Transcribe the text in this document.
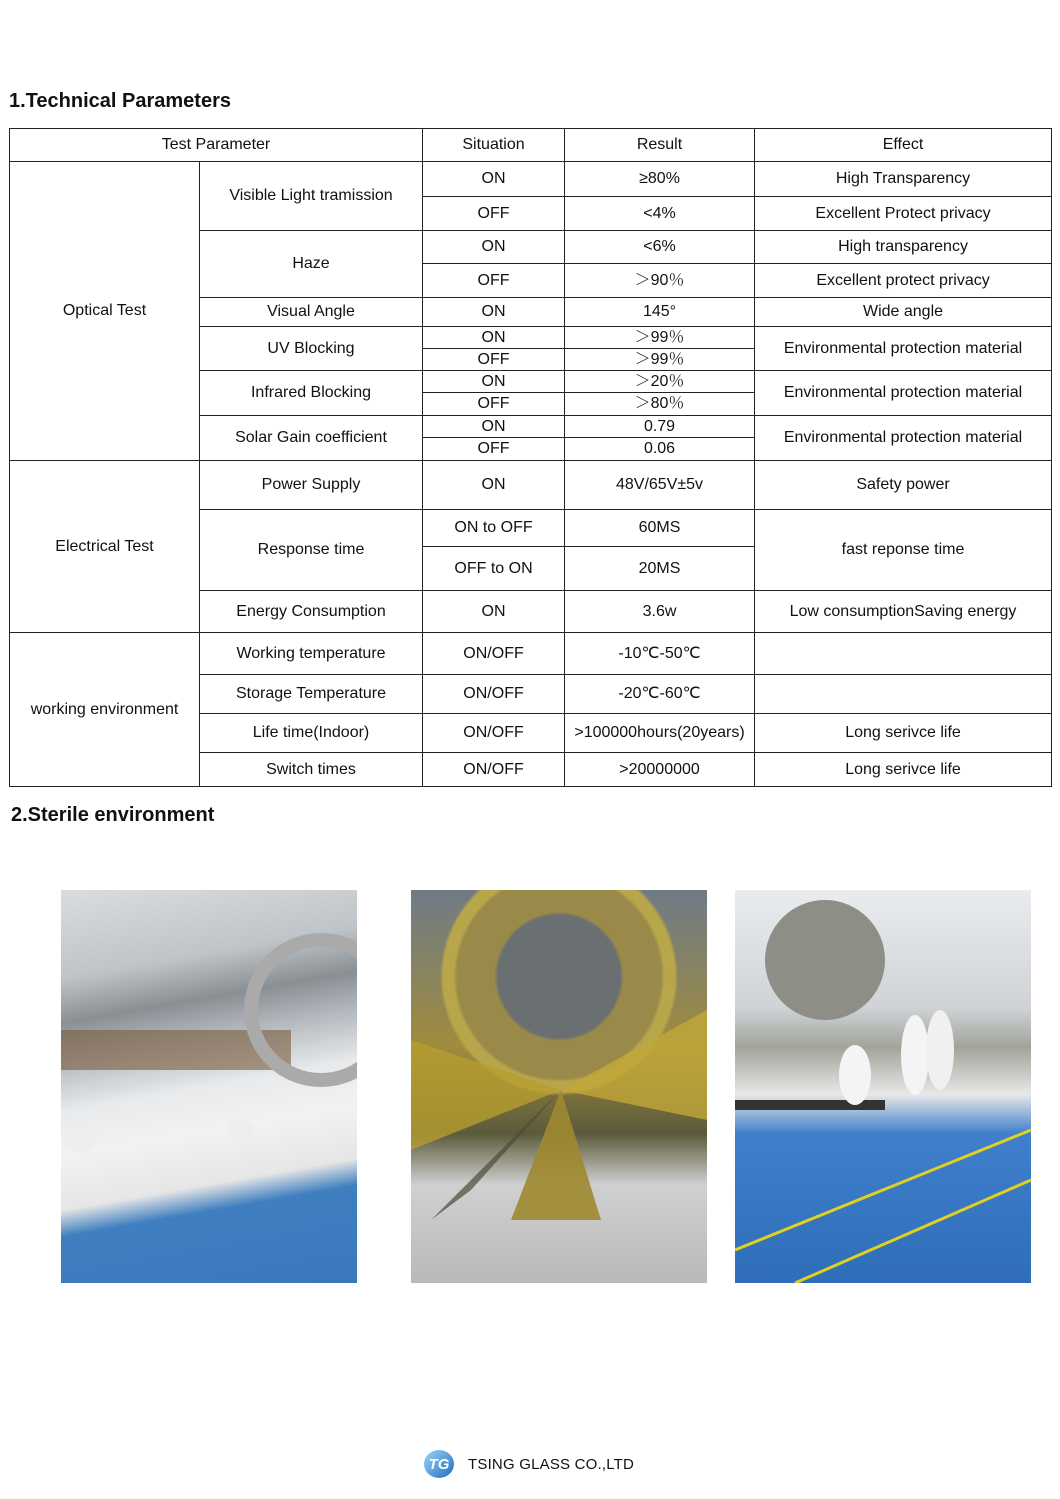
1.Technical Parameters
Test Parameter		Situation	Result	Effect
Optical Test	Visible Light tramission	ON	≥80%	High Transparency
		OFF	<4%	Excellent Protect privacy
	Haze	ON	<6%	High transparency
		OFF	＞90％	Excellent protect privacy
	Visual Angle	ON	145°	Wide angle
	UV Blocking	ON	＞99％	Environmental protection material
		OFF	＞99％	
	Infrared Blocking	ON	＞20％	Environmental protection material
		OFF	＞80％	
	Solar Gain coefficient	ON	0.79	Environmental protection material
		OFF	0.06	
Electrical Test	Power Supply	ON	48V/65V±5v	Safety power
	Response time	ON to OFF	60MS	fast reponse time
		OFF to ON	20MS	
	Energy Consumption	ON	3.6w	Low consumptionSaving energy
working environment	Working temperature	ON/OFF	-10℃-50℃	
	Storage Temperature	ON/OFF	-20℃-60℃	
	Life time(Indoor)	ON/OFF	>100000hours(20years)	Long serivce life
	Switch times	ON/OFF	>20000000	Long serivce life
2.Sterile environment
TG	TSING GLASS CO.,LTD
